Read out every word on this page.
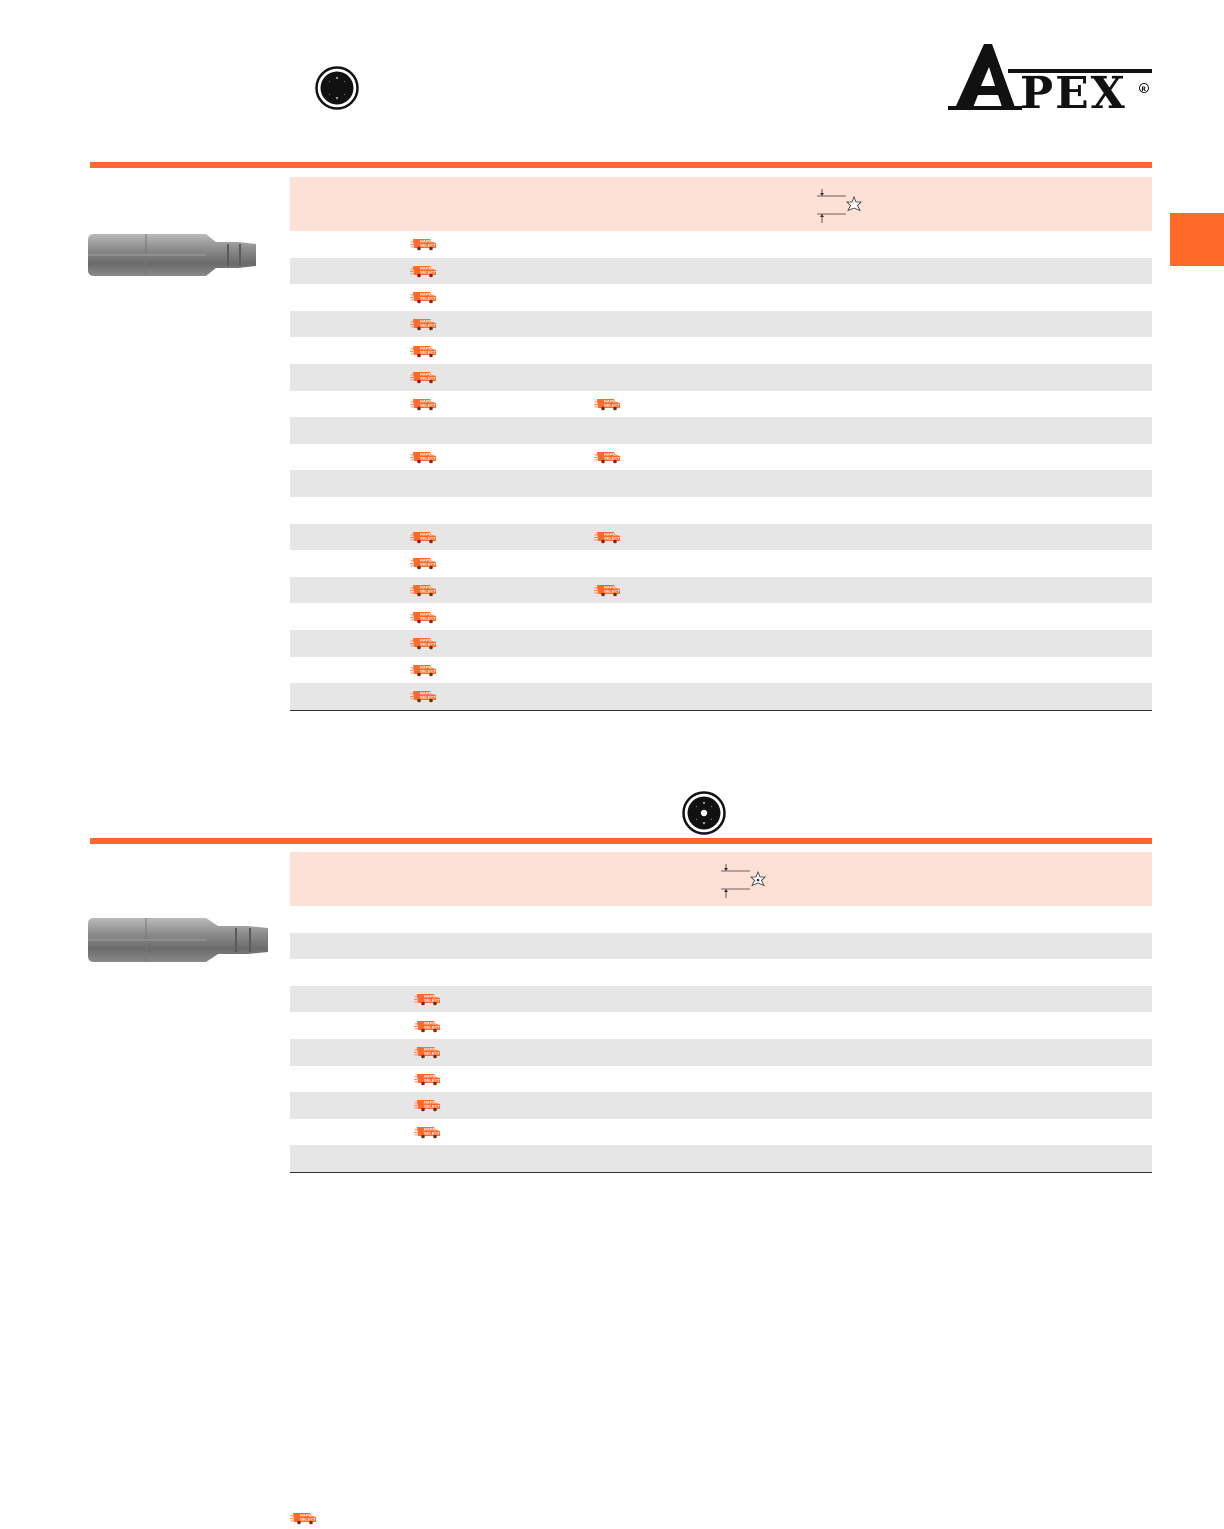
PEX R
RAPID
SELECT
RAPID
SELECT
RAPID
SELECT
RAPID
SELECT
RAPID
SELECT
RAPID
SELECT
RAPID
SELECT
RAPID
SELECT
RAPID
SELECT
RAPID
SELECT
RAPID
SELECT
RAPID
SELECT
RAPID
SELECT
RAPID
SELECT
RAPID
SELECT
RAPID
SELECT
RAPID
SELECT
RAPID
SELECT
RAPID
SELECT
RAPID
SELECT
RAPID
SELECT
RAPID
SELECT
RAPID
SELECT
RAPID
SELECT
RAPID
SELECT
RAPID
SELECT
